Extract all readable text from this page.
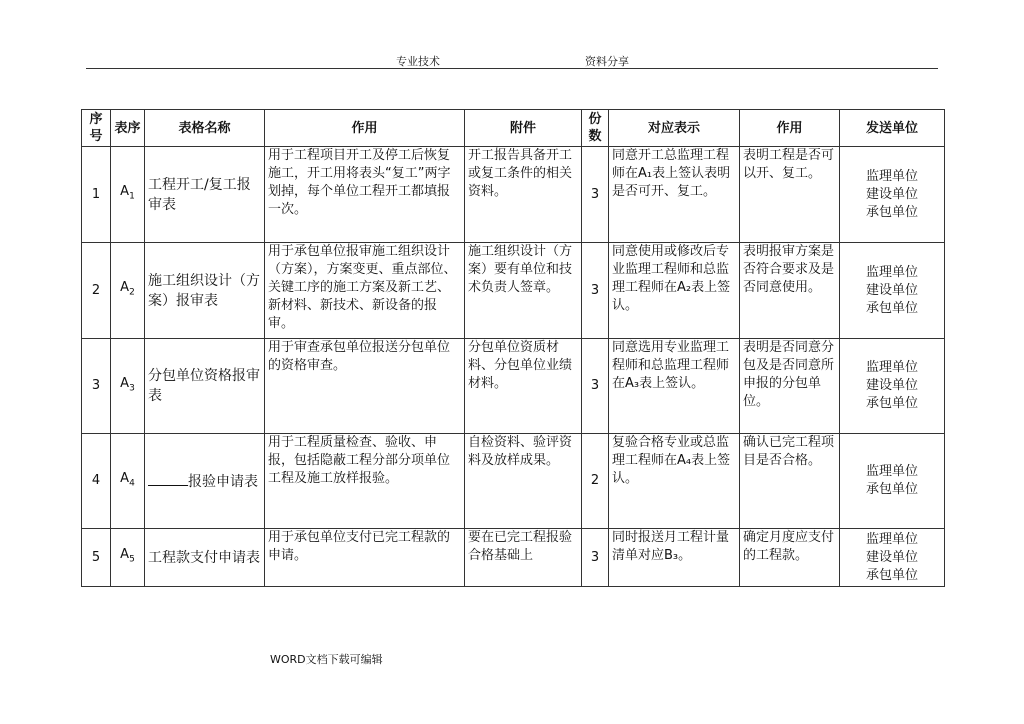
专业技术	资料分享
序号	表序	表格名称	作用	附件	份数	对应表示	作用	发送单位
1	$A_1$	工程开工/复工报审表	用于工程项目开工及停工后恢复施工，开工用将表头“复工”两字划掉，每个单位工程开工都填报一次。	开工报告具备开工或复工条件的相关资料。	3	同意开工总监理工程师在A₁表上签认表明是否可开、复工。	表明工程是否可以开、复工。	监理单位
建设单位
承包单位

2	$A_2$	施工组织设计（方案）报审表	用于承包单位报审施工组织设计（方案），方案变更、重点部位、关键工序的施工方案及新工艺、新材料、新技术、新设备的报审。	施工组织设计（方案）要有单位和技术负责人签章。	3	同意使用或修改后专业监理工程师和总监理工程师在A₂表上签认。	表明报审方案是否符合要求及是否同意使用。	监理单位
建设单位
承包单位

3	$A_3$	分包单位资格报审表	用于审查承包单位报送分包单位的资格审查。	分包单位资质材料、分包单位业绩材料。	3	同意选用专业监理工程师和总监理工程师在A₃表上签认。	表明是否同意分包及是否同意所申报的分包单位。	监理单位
建设单位
承包单位

4	$A_4$	报验申请表	用于工程质量检查、验收、申报，包括隐蔽工程分部分项单位工程及施工放样报验。	自检资料、验评资料及放样成果。	2	复验合格专业或总监理工程师在A₄表上签认。	确认已完工程项目是否合格。	监理单位
承包单位

5	$A_5$	工程款支付申请表	用于承包单位支付已完工程款的申请。	要在已完工程报验合格基础上	3	同时报送月工程计量清单对应B₃。	确定月度应支付的工程款。	监理单位
建设单位
承包单位
WORD文档下载可编辑
